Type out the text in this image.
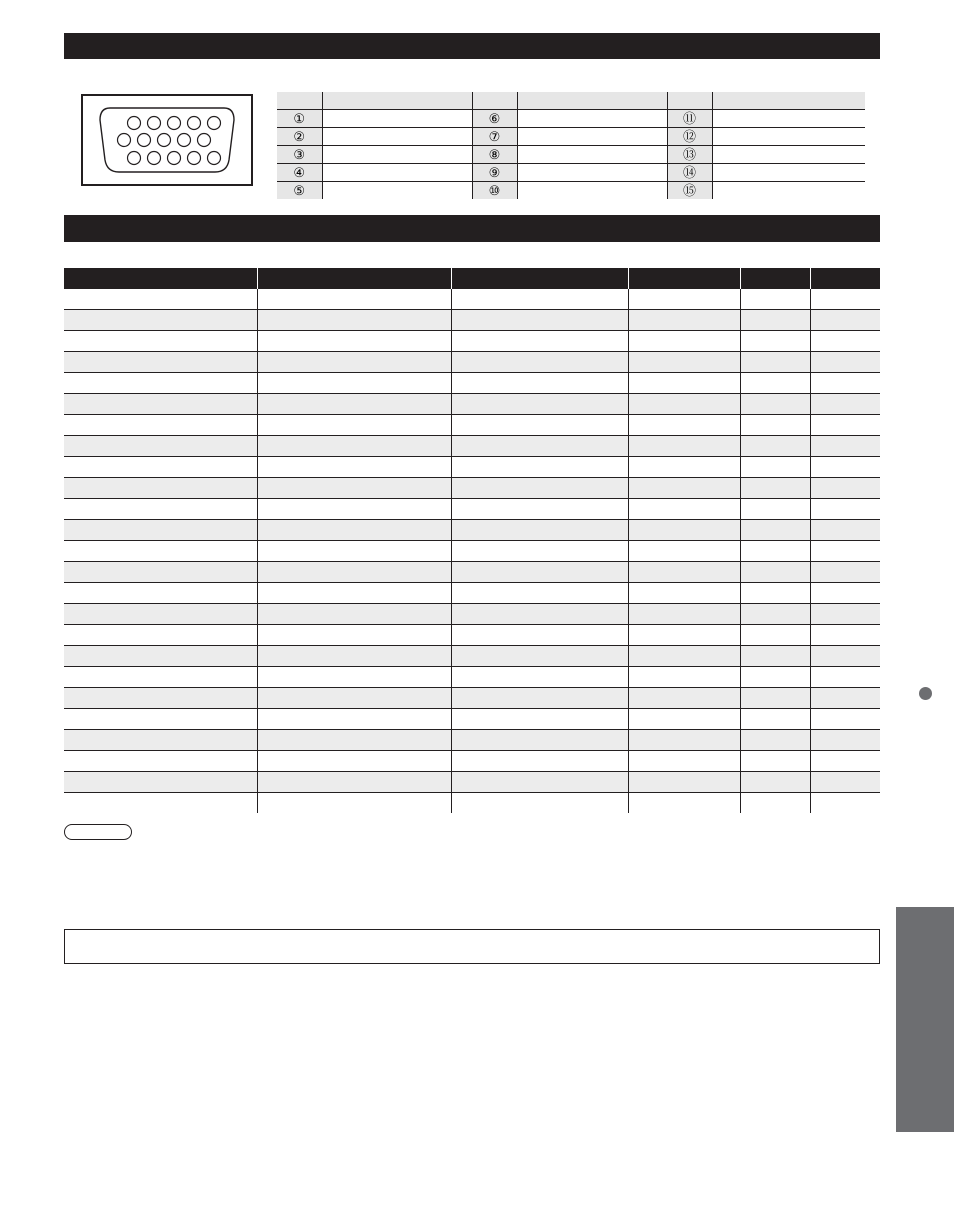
①		⑥		⑪	
②		⑦		⑫	
③		⑧		⑬	
④		⑨		⑭	
⑤		⑩		⑮	
